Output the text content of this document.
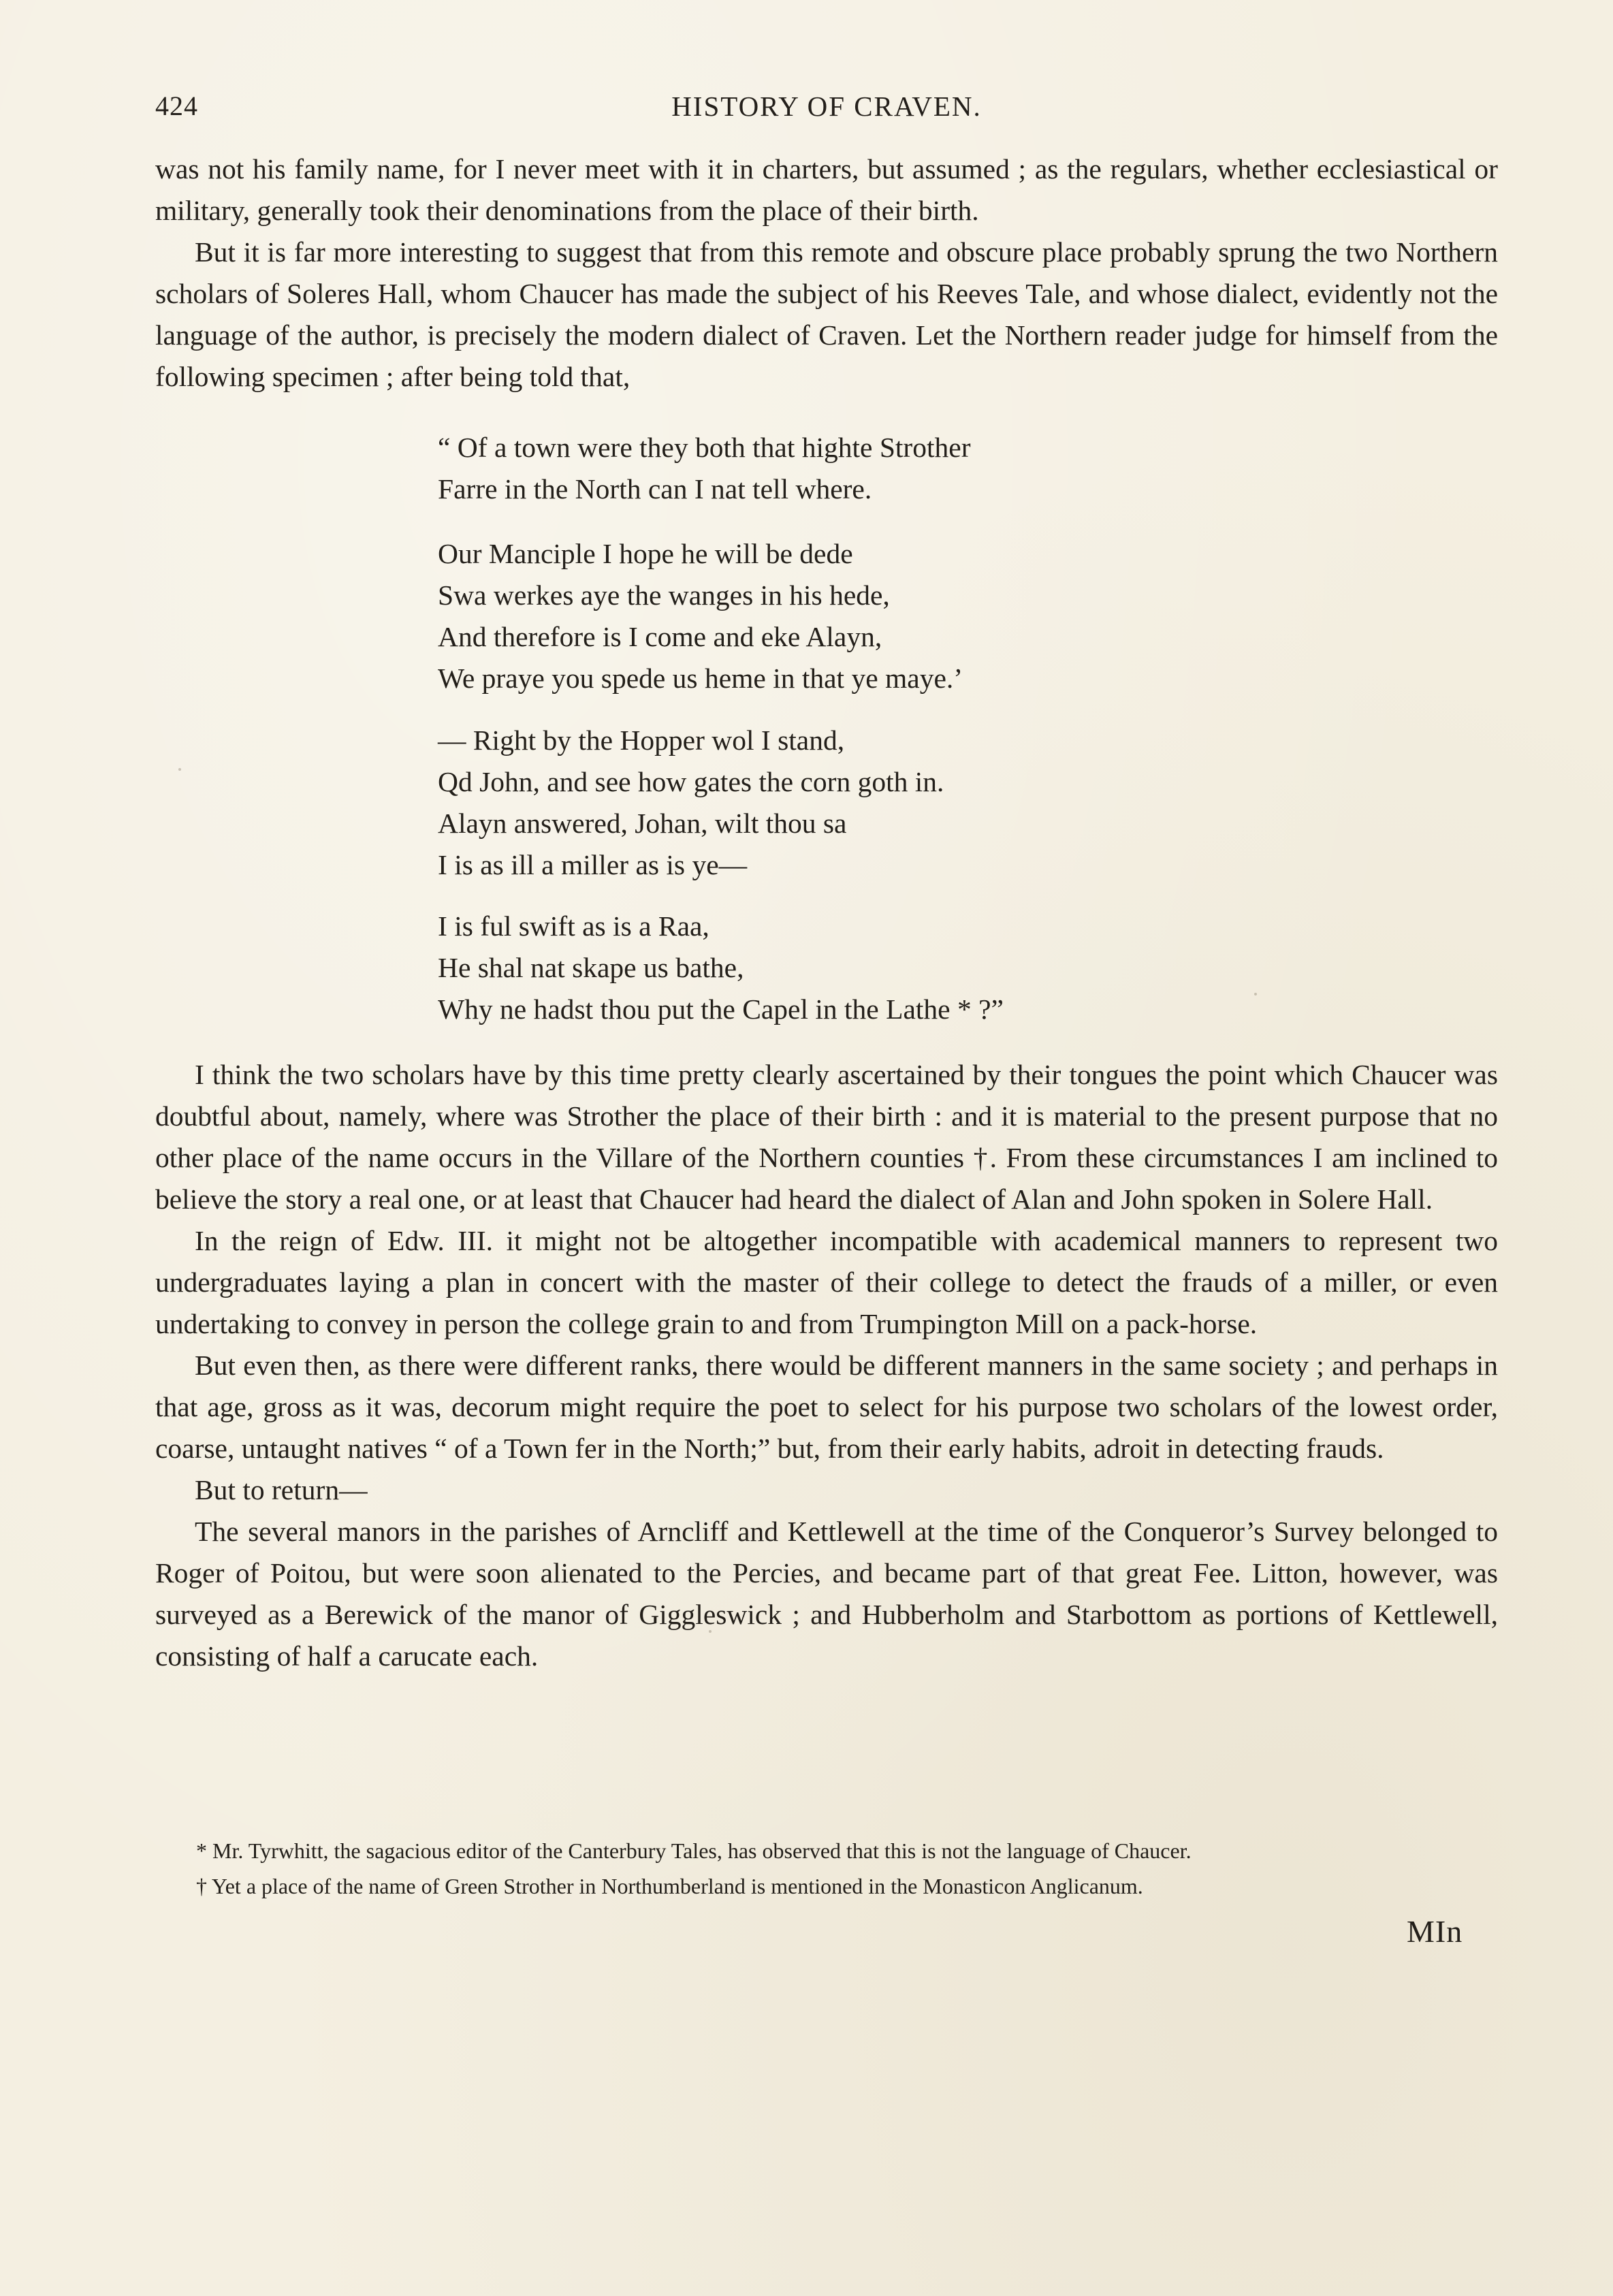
424	HISTORY OF CRAVEN.

was not his family name, for I never meet with it in charters, but assumed ; as the regulars, whether ecclesiastical or military, generally took their denominations from the place of their birth.

But it is far more interesting to suggest that from this remote and obscure place probably sprung the two Northern scholars of Soleres Hall, whom Chaucer has made the subject of his Reeves Tale, and whose dialect, evidently not the language of the author, is precisely the modern dialect of Craven. Let the Northern reader judge for himself from the following specimen ; after being told that,

“ Of a town were they both that highte Strother
Farre in the North can I nat tell where.
Our Manciple I hope he will be dede
Swa werkes aye the wanges in his hede,
And therefore is I come and eke Alayn,
We praye you spede us heme in that ye maye.’
— Right by the Hopper wol I stand,
Qd John, and see how gates the corn goth in.
Alayn answered, Johan, wilt thou sa
I is as ill a miller as is ye—
I is ful swift as is a Raa,
He shal nat skape us bathe,
Why ne hadst thou put the Capel in the Lathe * ?”

I think the two scholars have by this time pretty clearly ascertained by their tongues the point which Chaucer was doubtful about, namely, where was Strother the place of their birth : and it is material to the present purpose that no other place of the name occurs in the Villare of the Northern counties †. From these circumstances I am inclined to believe the story a real one, or at least that Chaucer had heard the dialect of Alan and John spoken in Solere Hall.

In the reign of Edw. III. it might not be altogether incompatible with academical manners to represent two undergraduates laying a plan in concert with the master of their college to detect the frauds of a miller, or even undertaking to convey in person the college grain to and from Trumpington Mill on a pack-horse.

But even then, as there were different ranks, there would be different manners in the same society ; and perhaps in that age, gross as it was, decorum might require the poet to select for his purpose two scholars of the lowest order, coarse, untaught natives “ of a Town fer in the North;” but, from their early habits, adroit in detecting frauds.

But to return—

The several manors in the parishes of Arncliff and Kettlewell at the time of the Conqueror’s Survey belonged to Roger of Poitou, but were soon alienated to the Percies, and became part of that great Fee. Litton, however, was surveyed as a Berewick of the manor of Giggleswick ; and Hubberholm and Starbottom as portions of Kettlewell, consisting of half a carucate each.

* Mr. Tyrwhitt, the sagacious editor of the Canterbury Tales, has observed that this is not the language of Chaucer.
† Yet a place of the name of Green Strother in Northumberland is mentioned in the Monasticon Anglicanum.
MIn
